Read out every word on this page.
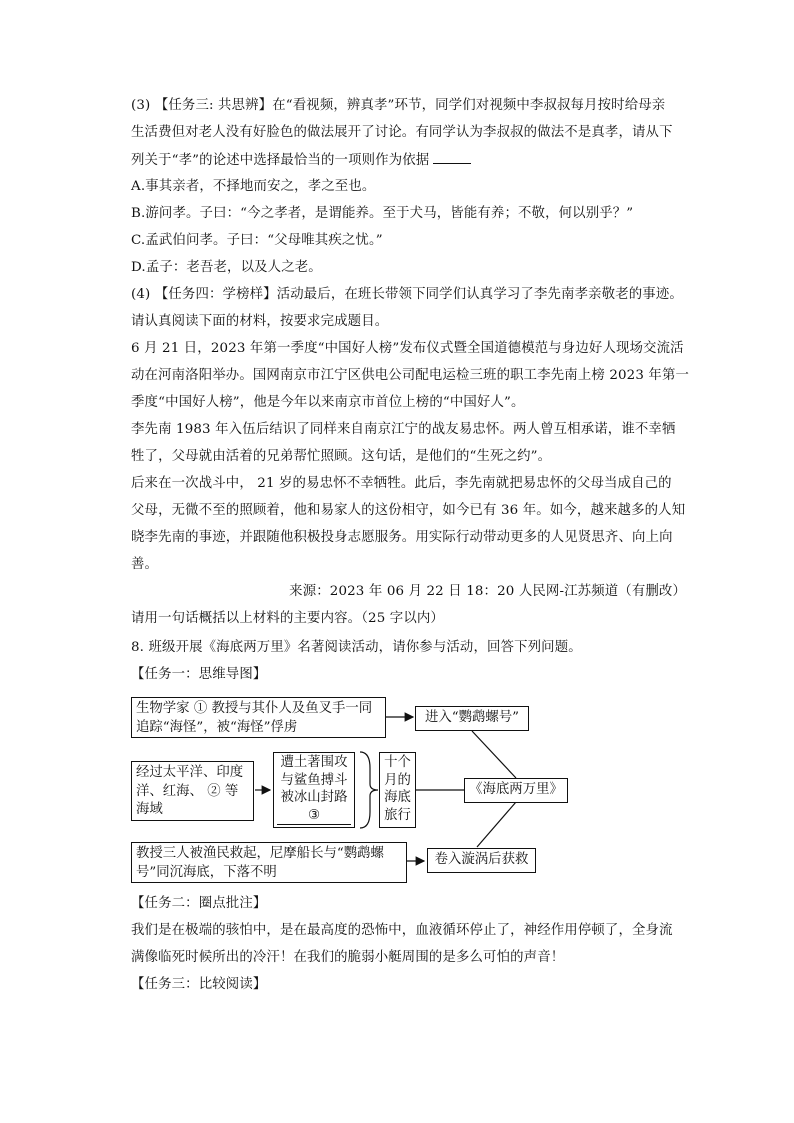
(3) 【任务三: 共思辨】在“看视频，辨真孝”环节，同学们对视频中李叔叔每月按时给母亲
生活费但对老人没有好脸色的做法展开了讨论。有同学认为李叔叔的做法不是真孝，请从下
列关于“孝”的论述中选择最恰当的一项则作为依据
A.事其亲者，不择地而安之，孝之至也。
B.游问孝。子曰：“今之孝者，是谓能养。至于犬马，皆能有养；不敬，何以别乎？”
C.孟武伯问孝。子曰：“父母唯其疾之忧。”
D.孟子：老吾老，以及人之老。
(4) 【任务四：学榜样】活动最后，在班长带领下同学们认真学习了李先南孝亲敬老的事迹。
请认真阅读下面的材料，按要求完成题目。
6 月 21 日，2023 年第一季度“中国好人榜”发布仪式暨全国道德模范与身边好人现场交流活
动在河南洛阳举办。国网南京市江宁区供电公司配电运检三班的职工李先南上榜 2023 年第一
季度“中国好人榜”，他是今年以来南京市首位上榜的“中国好人”。
李先南 1983 年入伍后结识了同样来自南京江宁的战友易忠怀。两人曾互相承诺，谁不幸牺
牲了，父母就由活着的兄弟帮忙照顾。这句话，是他们的“生死之约”。
后来在一次战斗中， 21 岁的易忠怀不幸牺牲。此后，李先南就把易忠怀的父母当成自己的
父母，无微不至的照顾着，他和易家人的这份相守，如今已有 36 年。如今，越来越多的人知
晓李先南的事迹，并跟随他积极投身志愿服务。用实际行动带动更多的人见贤思齐、向上向
善。
来源：2023 年 06 月 22 日 18：20 人民网-江苏频道（有删改）
请用一句话概括以上材料的主要内容。（25 字以内）
8. 班级开展《海底两万里》名著阅读活动，请你参与活动，回答下列问题。
【任务一：思维导图】
生物学家 ① 教授与其仆人及鱼叉手一同
追踪“海怪”，被“海怪”俘虏
进入“鹦鹉螺号”
经过太平洋、印度
洋、红海、 ② 等
海域
遭土著围攻
与鲨鱼搏斗
被冰山封路
③
十个
月的
海底
旅行
《海底两万里》
教授三人被渔民救起，尼摩船长与“鹦鹉螺
号”同沉海底，下落不明
卷入漩涡后获救
【任务二：圈点批注】
我们是在极端的骇怕中，是在最高度的恐怖中，血液循环停止了，神经作用停顿了，全身流
满像临死时候所出的冷汗！在我们的脆弱小艇周围的是多么可怕的声音！
【任务三：比较阅读】
